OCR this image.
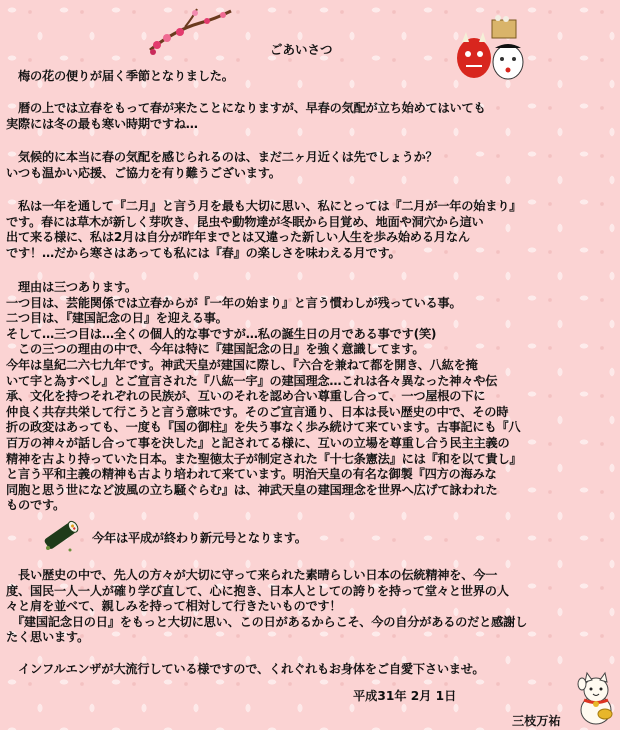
ごあいさつ
　梅の花の便りが届く季節となりました。
　暦の上では立春をもって春が来たことになりますが、早春の気配が立ち始めてはいても
実際には冬の最も寒い時期ですね…
　気候的に本当に春の気配を感じられるのは、まだ二ヶ月近くは先でしょうか？
いつも温かい応援、ご協力を有り難うございます。
　私は一年を通して『二月』と言う月を最も大切に思い、私にとっては『二月が一年の始まり』
です。春には草木が新しく芽吹き、昆虫や動物達が冬眠から目覚め、地面や洞穴から這い
出て来る様に、私は2月は自分が昨年までとは又違った新しい人生を歩み始める月なん
です！…だから寒さはあっても私には『春』の楽しさを味わえる月です。
　理由は三つあります。
一つ目は、芸能関係では立春からが『一年の始まり』と言う慣わしが残っている事。
二つ目は、『建国記念の日』を迎える事。
そして…三つ目は…全くの個人的な事ですが…私の誕生日の月である事です(笑)
　この三つの理由の中で、今年は特に『建国記念の日』を強く意識してます。
今年は皇紀二六七九年です。神武天皇が建国に際し、『六合を兼ねて都を開き、八紘を掩
いて宇と為すべし』とご宣言された『八紘一宇』の建国理念…これは各々異なった神々や伝
承、文化を持つそれぞれの民族が、互いのそれを認め合い尊重し合って、一つ屋根の下に
仲良く共存共栄して行こうと言う意味です。そのご宣言通り、日本は長い歴史の中で、その時
折の政変はあっても、一度も『国の御柱』を失う事なく歩み続けて来ています。古事記にも『八
百万の神々が話し合って事を決した』と記されてる様に、互いの立場を尊重し合う民主主義の
精神を古より持っていた日本。また聖徳太子が制定された『十七条憲法』には『和を以て貴し』
と言う平和主義の精神も古より培われて来ています。明治天皇の有名な御製『四方の海みな
同胞と思う世になど波風の立ち騒ぐらむ』は、神武天皇の建国理念を世界へ広げて詠われた
ものです。
今年は平成が終わり新元号となります。
　長い歴史の中で、先人の方々が大切に守って来られた素晴らしい日本の伝統精神を、今一
度、国民一人一人が確り学び直して、心に抱き、日本人としての誇りを持って堂々と世界の人
々と肩を並べて、親しみを持って相対して行きたいものです！
　『建国記念日の日』をもっと大切に思い、この日があるからこそ、今の自分があるのだと感謝し
たく思います。
　インフルエンザが大流行している様ですので、くれぐれもお身体をご自愛下さいませ。
平成31年 2月 1日
三枝万祐
